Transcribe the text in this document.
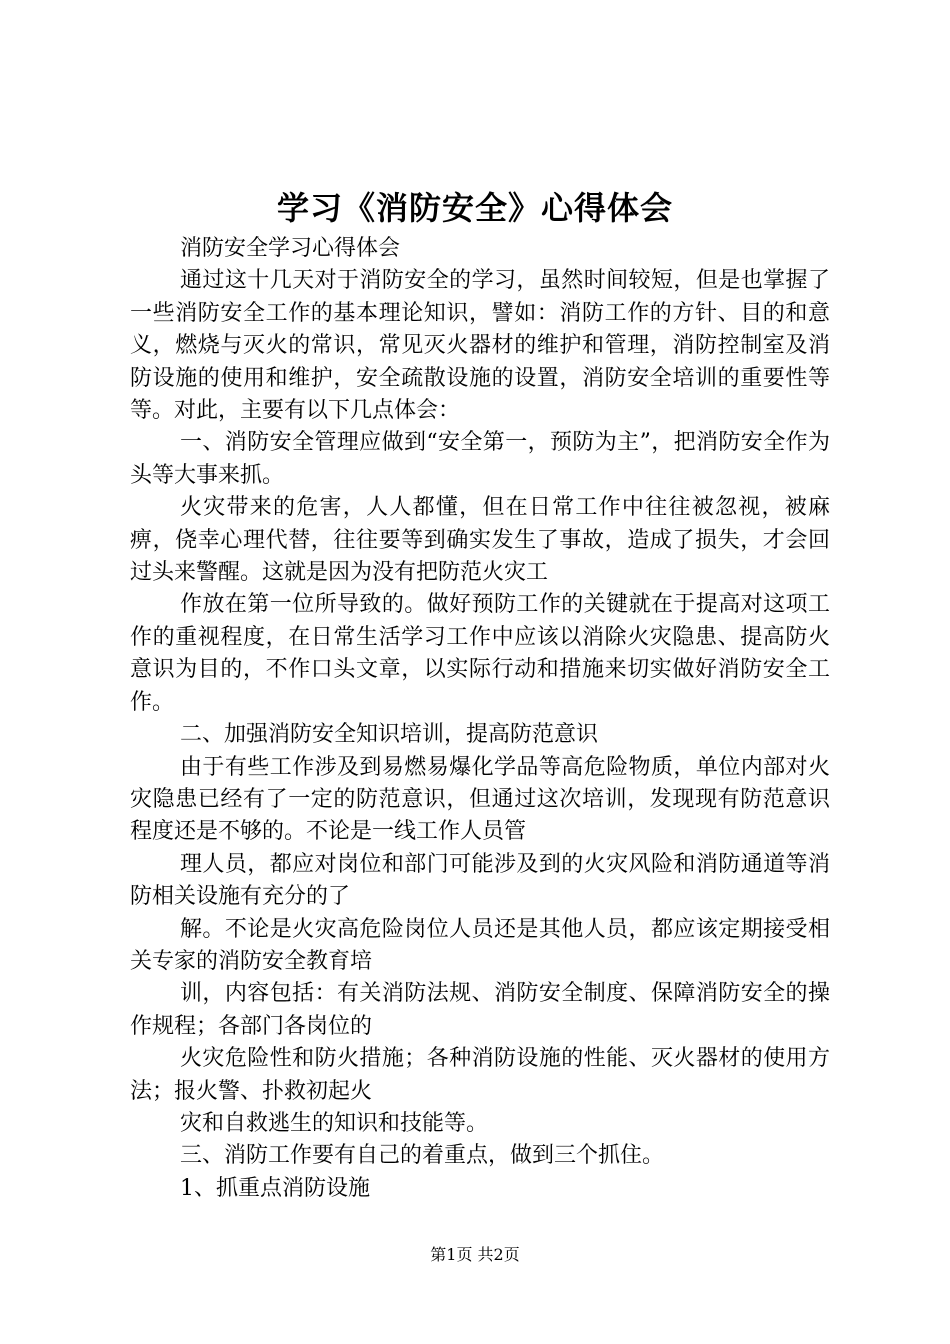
学习《消防安全》心得体会

消防安全学习心得体会

通过这十几天对于消防安全的学习，虽然时间较短，但是也掌握了一些消防安全工作的基本理论知识，譬如：消防工作的方针、目的和意义，燃烧与灭火的常识，常见灭火器材的维护和管理，消防控制室及消防设施的使用和维护，安全疏散设施的设置，消防安全培训的重要性等等。对此，主要有以下几点体会：

一、消防安全管理应做到“安全第一，预防为主”，把消防安全作为头等大事来抓。

火灾带来的危害，人人都懂，但在日常工作中往往被忽视，被麻痹，侥幸心理代替，往往要等到确实发生了事故，造成了损失，才会回过头来警醒。这就是因为没有把防范火灾工

作放在第一位所导致的。做好预防工作的关键就在于提高对这项工作的重视程度，在日常生活学习工作中应该以消除火灾隐患、提高防火意识为目的，不作口头文章，以实际行动和措施来切实做好消防安全工作。

二、加强消防安全知识培训，提高防范意识

由于有些工作涉及到易燃易爆化学品等高危险物质，单位内部对火灾隐患已经有了一定的防范意识，但通过这次培训，发现现有防范意识程度还是不够的。不论是一线工作人员管

理人员，都应对岗位和部门可能涉及到的火灾风险和消防通道等消防相关设施有充分的了

解。不论是火灾高危险岗位人员还是其他人员，都应该定期接受相关专家的消防安全教育培

训，内容包括：有关消防法规、消防安全制度、保障消防安全的操作规程；各部门各岗位的

火灾危险性和防火措施；各种消防设施的性能、灭火器材的使用方法；报火警、扑救初起火

灾和自救逃生的知识和技能等。

三、消防工作要有自己的着重点，做到三个抓住。

1、抓重点消防设施

第1页 共2页
